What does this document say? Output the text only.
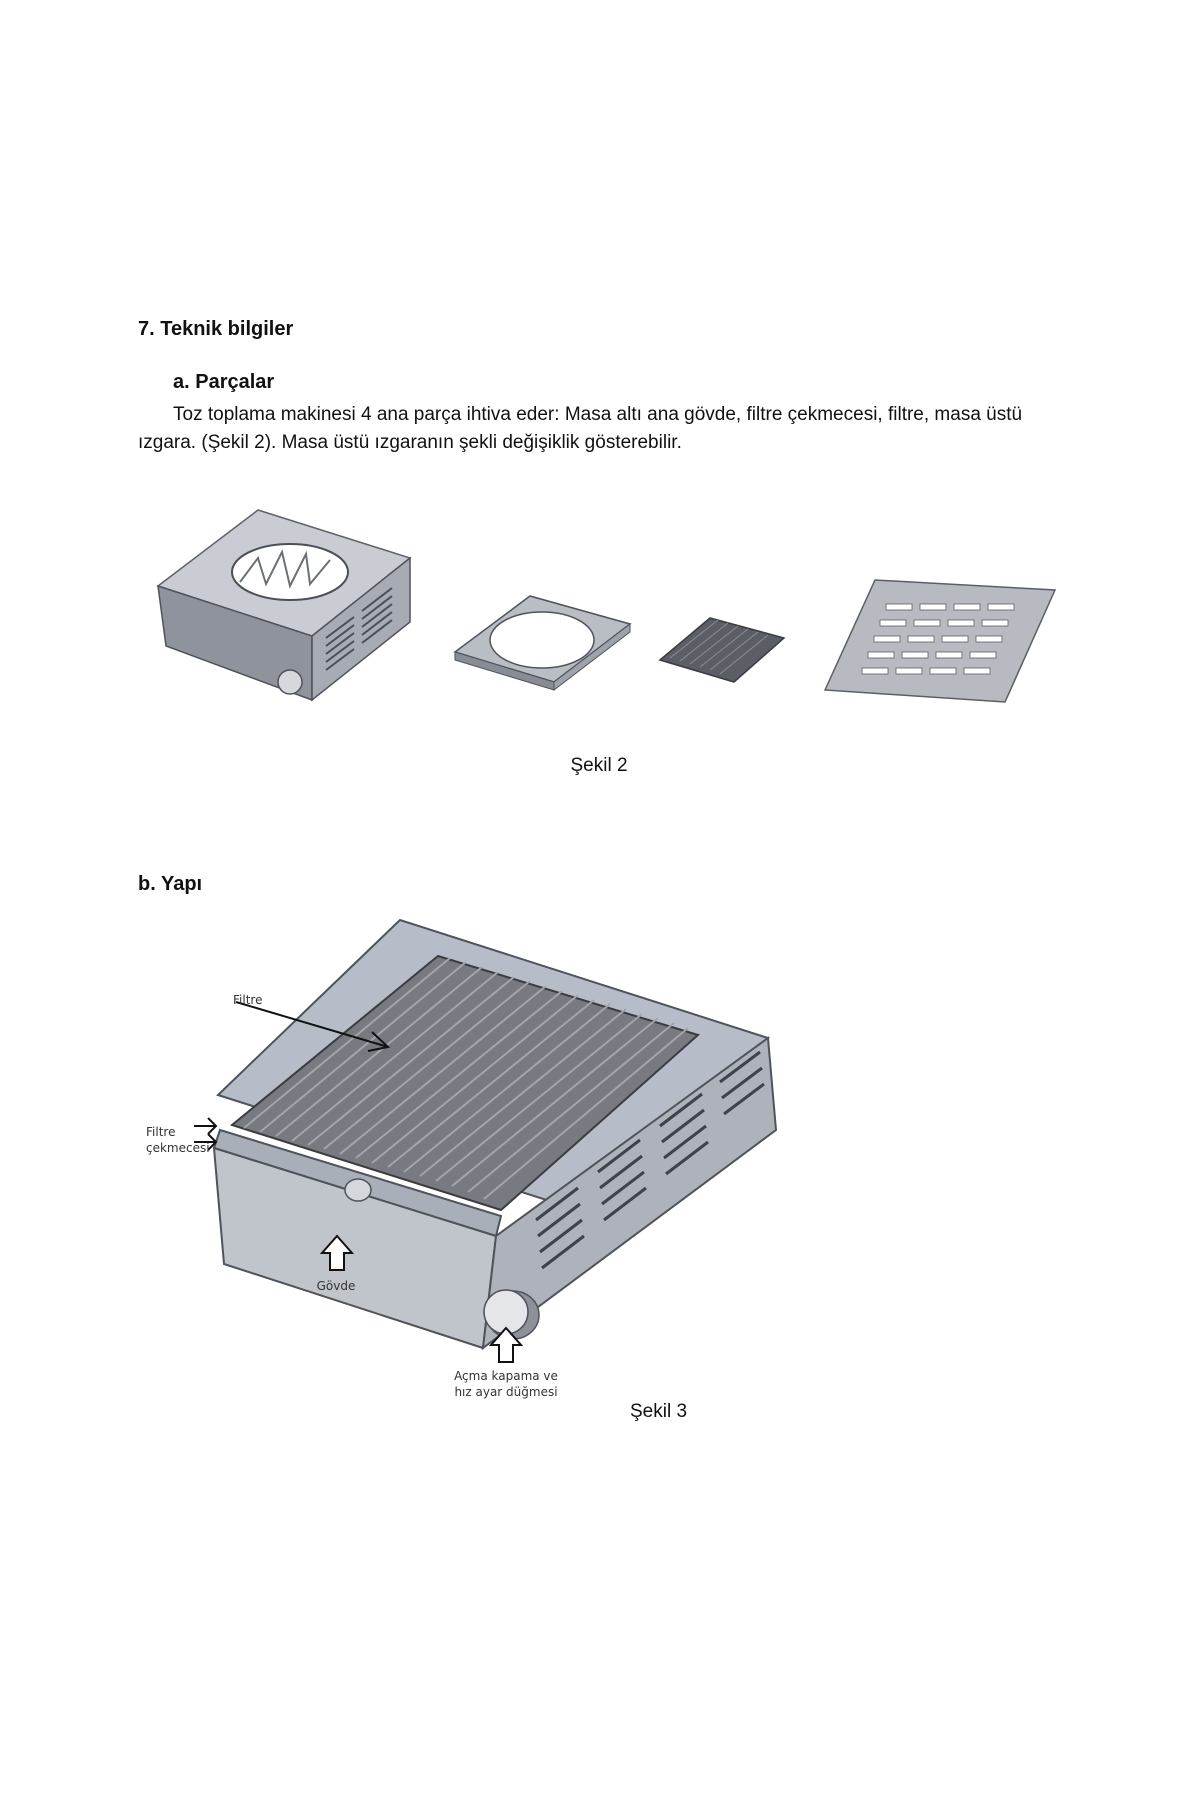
7. Teknik bilgiler
a. Parçalar

Toz toplama makinesi 4 ana parça ihtiva eder: Masa altı ana gövde, filtre çekmecesi, filtre, masa üstü ızgara. (Şekil 2). Masa üstü ızgaranın şekli değişiklik gösterebilir.

Şekil 2
b. Yapı
Filtre
Filtre
çekmecesi
Gövde
Açma kapama ve
hız ayar düğmesi
Şekil 3
